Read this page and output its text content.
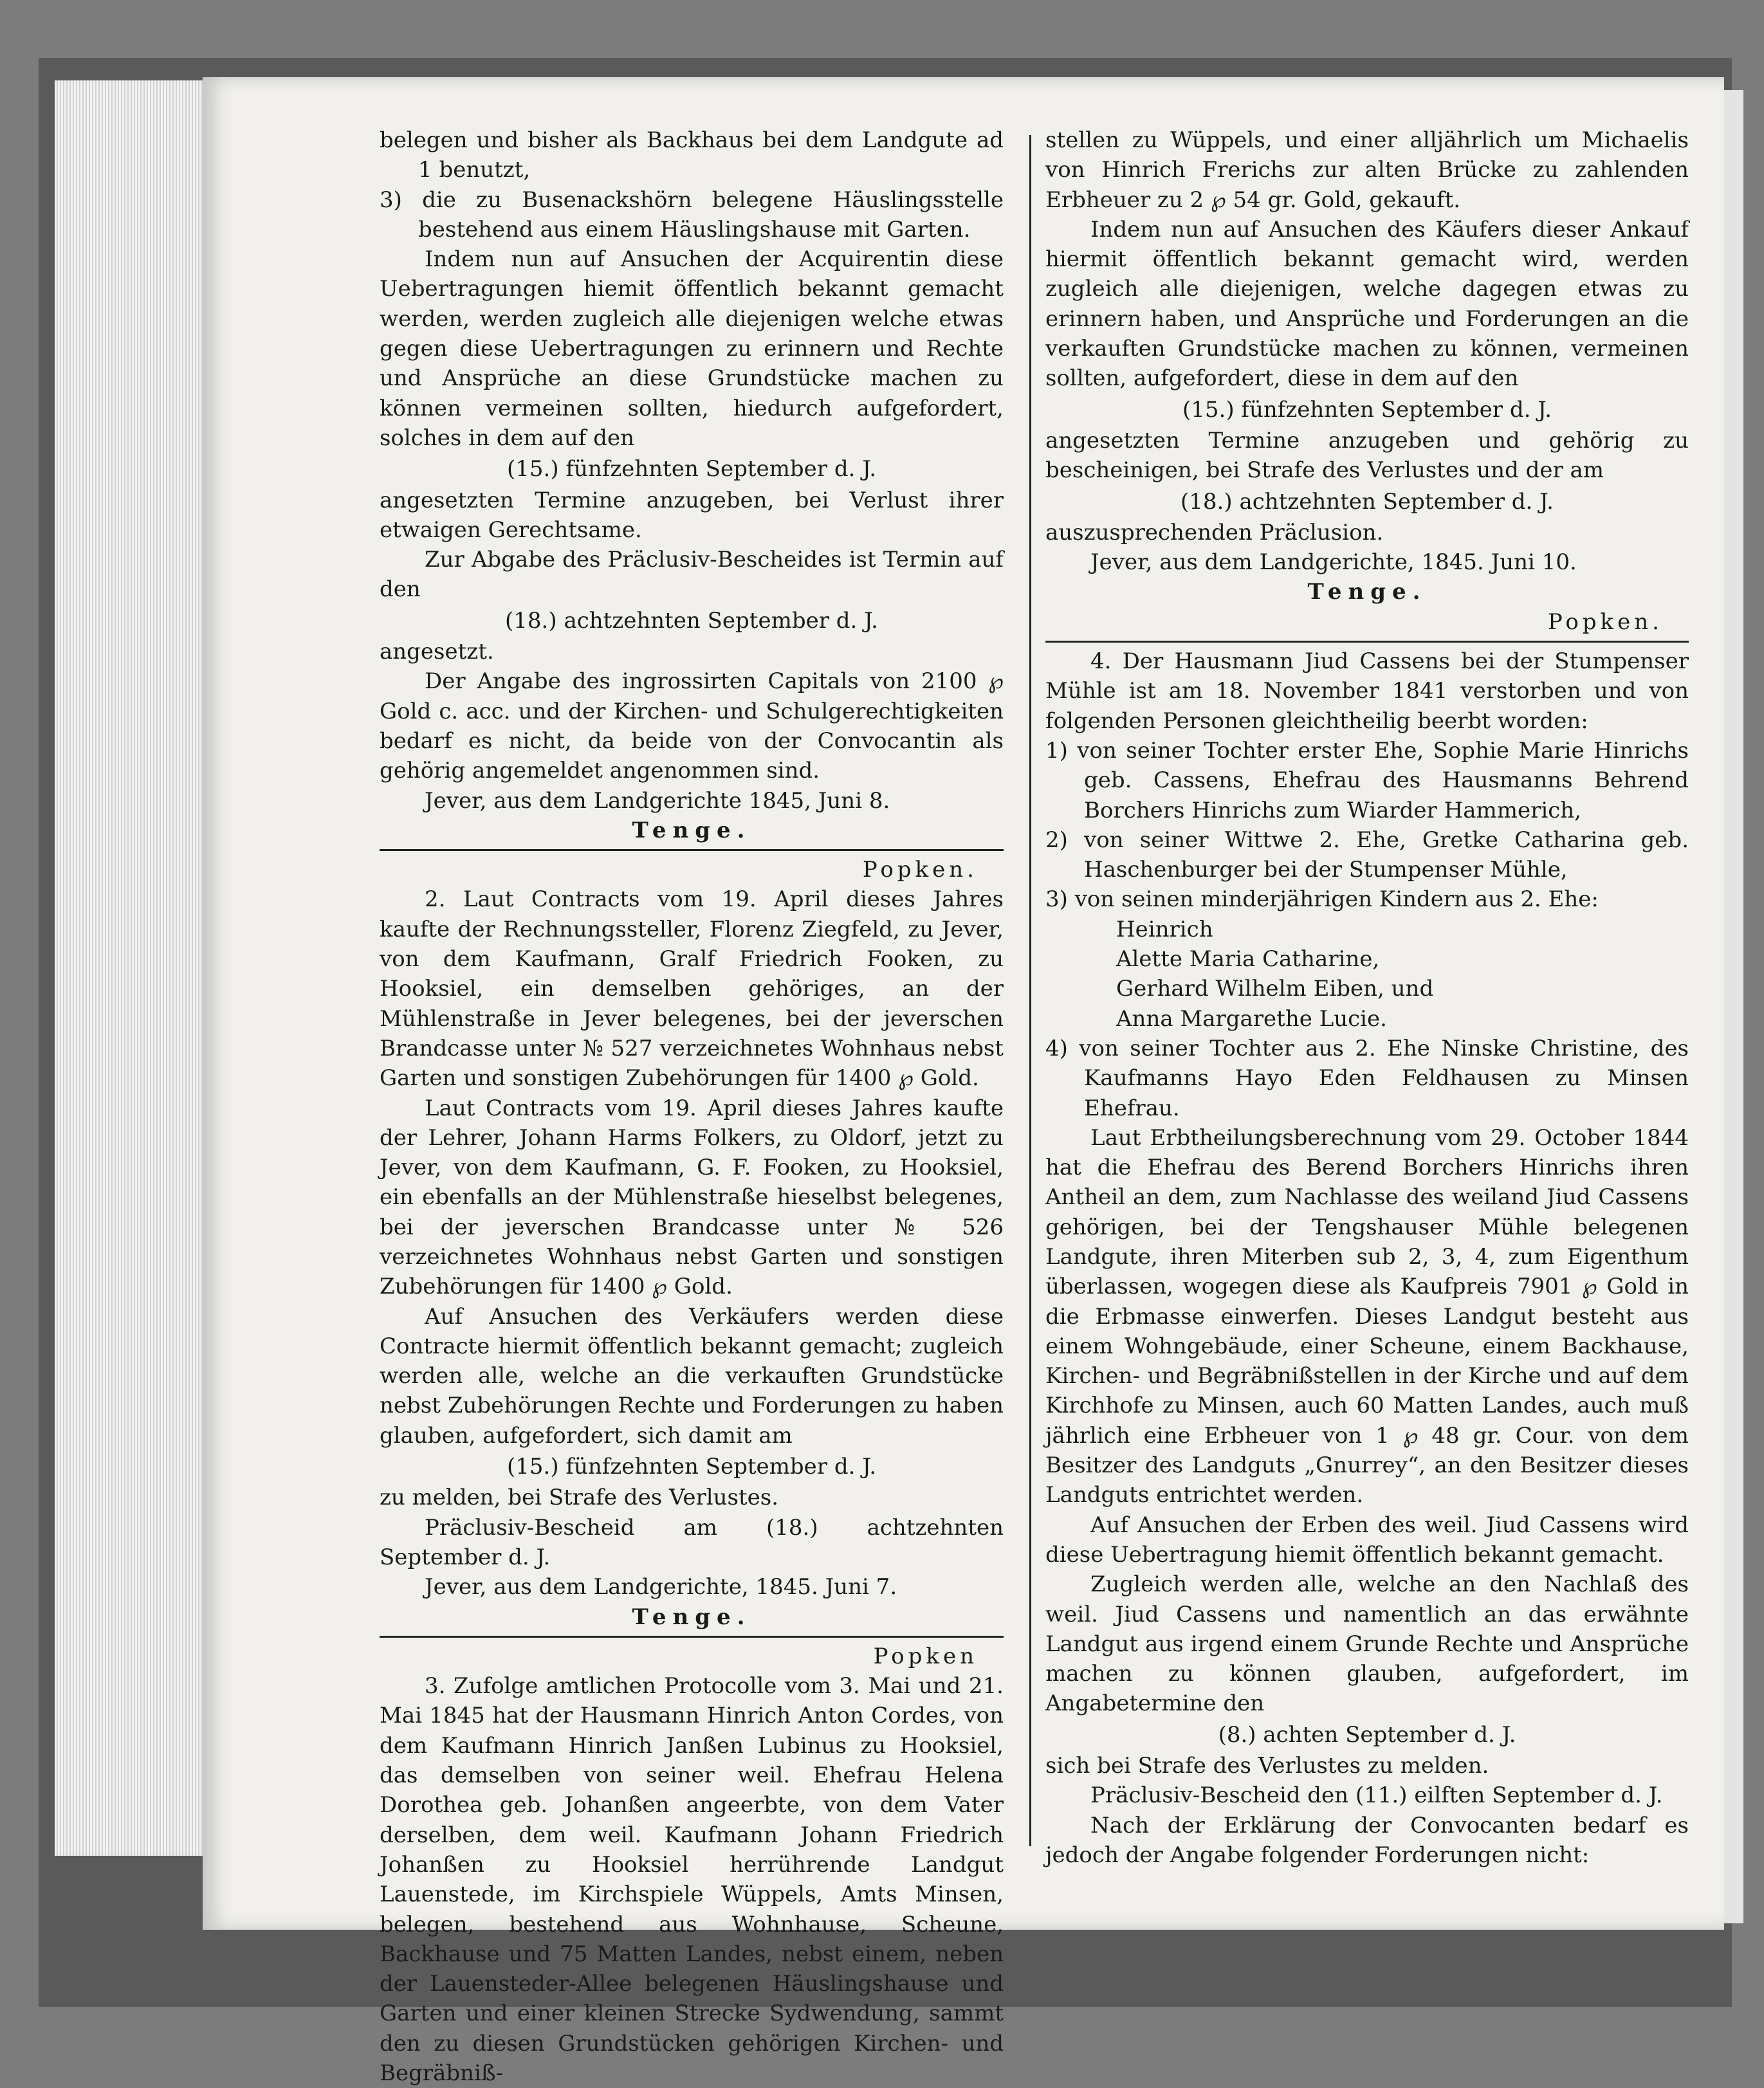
belegen und bisher als Backhaus bei dem Landgute ad 1 benutzt,

3) die zu Busenackshörn belegene Häuslingsstelle bestehend aus einem Häuslingshause mit Garten.

Indem nun auf Ansuchen der Acquirentin diese Uebertragungen hiemit öffentlich bekannt gemacht werden, werden zugleich alle diejenigen welche etwas gegen diese Uebertragungen zu erinnern und Rechte und Ansprüche an diese Grundstücke machen zu können vermeinen sollten, hiedurch aufgefordert, solches in dem auf den

(15.) fünfzehnten September d. J.

angesetzten Termine anzugeben, bei Verlust ihrer etwaigen Gerechtsame.

Zur Abgabe des Präclusiv-Bescheides ist Termin auf den

(18.) achtzehnten September d. J.

angesetzt.

Der Angabe des ingrossirten Capitals von 2100 ℘ Gold c. acc. und der Kirchen- und Schulgerechtigkeiten bedarf es nicht, da beide von der Convocantin als gehörig angemeldet angenommen sind.

Jever, aus dem Landgerichte 1845, Juni 8.

Tenge.

Popken.

2. Laut Contracts vom 19. April dieses Jahres kaufte der Rechnungssteller, Florenz Ziegfeld, zu Jever, von dem Kaufmann, Gralf Friedrich Fooken, zu Hooksiel, ein demselben gehöriges, an der Mühlenstraße in Jever belegenes, bei der jeverschen Brandcasse unter № 527 verzeichnetes Wohnhaus nebst Garten und sonstigen Zubehörungen für 1400 ℘ Gold.

Laut Contracts vom 19. April dieses Jahres kaufte der Lehrer, Johann Harms Folkers, zu Oldorf, jetzt zu Jever, von dem Kaufmann, G. F. Fooken, zu Hooksiel, ein ebenfalls an der Mühlenstraße hieselbst belegenes, bei der jeverschen Brandcasse unter № 526 verzeichnetes Wohnhaus nebst Garten und sonstigen Zubehörungen für 1400 ℘ Gold.

Auf Ansuchen des Verkäufers werden diese Contracte hiermit öffentlich bekannt gemacht; zugleich werden alle, welche an die verkauften Grundstücke nebst Zubehörungen Rechte und Forderungen zu haben glauben, aufgefordert, sich damit am

(15.) fünfzehnten September d. J.

zu melden, bei Strafe des Verlustes.

Präclusiv-Bescheid am (18.) achtzehnten September d. J.

Jever, aus dem Landgerichte, 1845. Juni 7.

Tenge.

Popken

3. Zufolge amtlichen Protocolle vom 3. Mai und 21. Mai 1845 hat der Hausmann Hinrich Anton Cordes, von dem Kaufmann Hinrich Janßen Lubinus zu Hooksiel, das demselben von seiner weil. Ehefrau Helena Dorothea geb. Johanßen angeerbte, von dem Vater derselben, dem weil. Kaufmann Johann Friedrich Johanßen zu Hooksiel herrührende Landgut Lauenstede, im Kirchspiele Wüppels, Amts Minsen, belegen, bestehend aus Wohnhause, Scheune, Backhause und 75 Matten Landes, nebst einem, neben der Lauensteder-Allee belegenen Häuslingshause und Garten und einer kleinen Strecke Sydwendung, sammt den zu diesen Grundstücken gehörigen Kirchen- und Begräbniß-

stellen zu Wüppels, und einer alljährlich um Michaelis von Hinrich Frerichs zur alten Brücke zu zahlenden Erbheuer zu 2 ℘ 54 gr. Gold, gekauft.

Indem nun auf Ansuchen des Käufers dieser Ankauf hiermit öffentlich bekannt gemacht wird, werden zugleich alle diejenigen, welche dagegen etwas zu erinnern haben, und Ansprüche und Forderungen an die verkauften Grundstücke machen zu können, vermeinen sollten, aufgefordert, diese in dem auf den

(15.) fünfzehnten September d. J.

angesetzten Termine anzugeben und gehörig zu bescheinigen, bei Strafe des Verlustes und der am

(18.) achtzehnten September d. J.

auszusprechenden Präclusion.

Jever, aus dem Landgerichte, 1845. Juni 10.

Tenge.

Popken.

4. Der Hausmann Jiud Cassens bei der Stumpenser Mühle ist am 18. November 1841 verstorben und von folgenden Personen gleichtheilig beerbt worden:

1) von seiner Tochter erster Ehe, Sophie Marie Hinrichs geb. Cassens, Ehefrau des Hausmanns Behrend Borchers Hinrichs zum Wiarder Hammerich,

2) von seiner Wittwe 2. Ehe, Gretke Catharina geb. Haschenburger bei der Stumpenser Mühle,

3) von seinen minderjährigen Kindern aus 2. Ehe:

Heinrich

Alette Maria Catharine,

Gerhard Wilhelm Eiben, und

Anna Margarethe Lucie.

4) von seiner Tochter aus 2. Ehe Ninske Christine, des Kaufmanns Hayo Eden Feldhausen zu Minsen Ehefrau.

Laut Erbtheilungsberechnung vom 29. October 1844 hat die Ehefrau des Berend Borchers Hinrichs ihren Antheil an dem, zum Nachlasse des weiland Jiud Cassens gehörigen, bei der Tengshauser Mühle belegenen Landgute, ihren Miterben sub 2, 3, 4, zum Eigenthum überlassen, wogegen diese als Kaufpreis 7901 ℘ Gold in die Erbmasse einwerfen. Dieses Landgut besteht aus einem Wohngebäude, einer Scheune, einem Backhause, Kirchen- und Begräbnißstellen in der Kirche und auf dem Kirchhofe zu Minsen, auch 60 Matten Landes, auch muß jährlich eine Erbheuer von 1 ℘ 48 gr. Cour. von dem Besitzer des Landguts „Gnurrey“, an den Besitzer dieses Landguts entrichtet werden.

Auf Ansuchen der Erben des weil. Jiud Cassens wird diese Uebertragung hiemit öffentlich bekannt gemacht.

Zugleich werden alle, welche an den Nachlaß des weil. Jiud Cassens und namentlich an das erwähnte Landgut aus irgend einem Grunde Rechte und Ansprüche machen zu können glauben, aufgefordert, im Angabetermine den

(8.) achten September d. J.

sich bei Strafe des Verlustes zu melden.

Präclusiv-Bescheid den (11.) eilften September d. J.

Nach der Erklärung der Convocanten bedarf es jedoch der Angabe folgender Forderungen nicht:
